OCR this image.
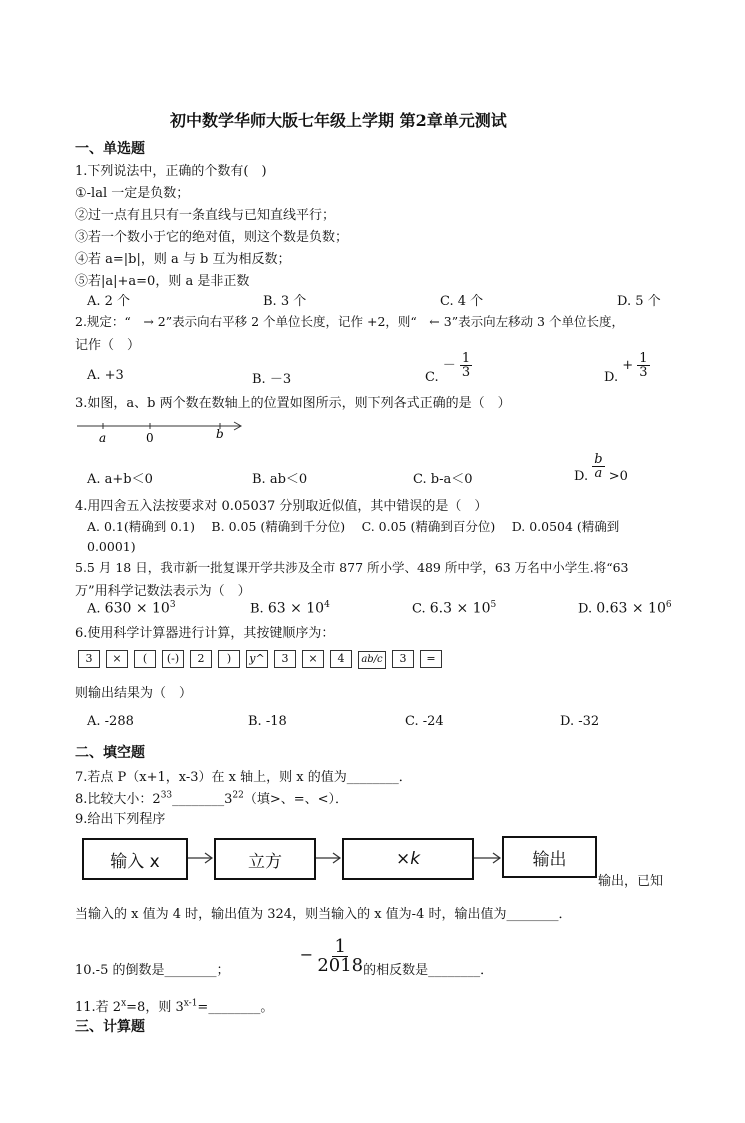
初中数学华师大版七年级上学期 第2章单元测试
一、单选题
1.下列说法中，正确的个数有(　)
①-lal 一定是负数；
②过一点有且只有一条直线与已知直线平行；
③若一个数小于它的绝对值，则这个数是负数；
④若 a=|b|，则 a 与 b 互为相反数；
⑤若|a|+a=0，则 a 是非正数
A. 2 个	B. 3 个	C. 4 个	D. 5 个
2.规定：“　→ 2”表示向右平移 2 个单位长度，记作 +2，则“　← 3”表示向左移动 3 个单位长度，
记作（　）
A. +3	B. －3	C. － $\frac{1}{3}$	D. + $\frac{1}{3}$
3.如图，a、b 两个数在数轴上的位置如图所示，则下列各式正确的是（　）
a	0	b
A. a+b＜0	B. ab＜0	C. b-a＜0	D. $\frac{b}{a} >0$
4.用四舍五入法按要求对 0.05037 分别取近似值，其中错误的是（　）
A. 0.1(精确到 0.1)　 B. 0.05 (精确到千分位)　 C. 0.05 (精确到百分位)　 D. 0.0504 (精确到
0.0001)
5.5 月 18 日，我市新一批复课开学共涉及全市 877 所小学、489 所中学，63 万名中小学生.将“63
万”用科学记数法表示为（　）
A. $630 \times 10^3$	B. $63 \times 10^4$	C. $6.3 \times 10^5$	D. $0.63 \times 10^6$
6.使用科学计算器进行计算，其按键顺序为：
3 × ( (-) 2 ) y^ 3 × 4 ab/c 3 =
则输出结果为（　）
A. -288	B. -18	C. -24	D. -32
二、填空题
7.若点 P（x+1，x-3）在 x 轴上，则 x 的值为________．
8.比较大小：$2^{33}\_\_\_\_\_\_\_\_3^{22}$（填>、=、<）．
9.给出下列程序
输入 x	立方	×k	输出
输出，已知
当输入的 x 值为 4 时，输出值为 324，则当输入的 x 值为-4 时，输出值为________．
10.-5 的倒数是________；  − $\frac{1}{2018}$ 的相反数是________．
11.若 $2^x=8$，则 $3^{x-1}=\_\_\_\_\_\_\_\_$。
三、计算题
